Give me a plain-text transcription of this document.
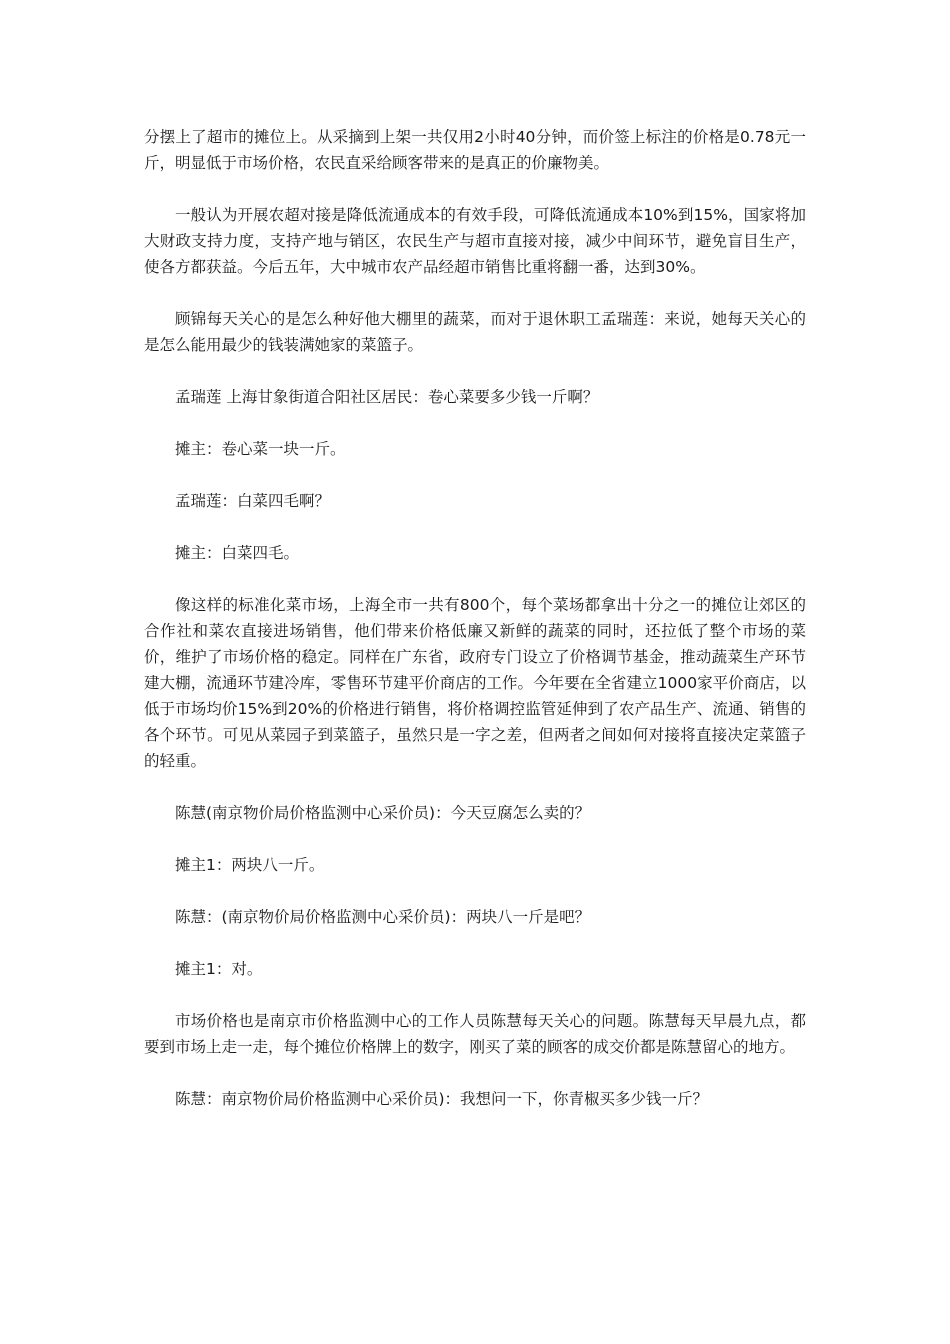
分摆上了超市的摊位上。从采摘到上架一共仅用2小时40分钟，而价签上标注的价格是0.78元一斤，明显低于市场价格，农民直采给顾客带来的是真正的价廉物美。

一般认为开展农超对接是降低流通成本的有效手段，可降低流通成本10%到15%，国家将加大财政支持力度，支持产地与销区，农民生产与超市直接对接，减少中间环节，避免盲目生产，使各方都获益。今后五年，大中城市农产品经超市销售比重将翻一番，达到30%。

顾锦每天关心的是怎么种好他大棚里的蔬菜，而对于退休职工孟瑞莲：来说，她每天关心的是怎么能用最少的钱装满她家的菜篮子。

孟瑞莲 上海甘象街道合阳社区居民：卷心菜要多少钱一斤啊？

摊主：卷心菜一块一斤。

孟瑞莲：白菜四毛啊？

摊主：白菜四毛。

像这样的标准化菜市场，上海全市一共有800个，每个菜场都拿出十分之一的摊位让郊区的合作社和菜农直接进场销售，他们带来价格低廉又新鲜的蔬菜的同时，还拉低了整个市场的菜价，维护了市场价格的稳定。同样在广东省，政府专门设立了价格调节基金，推动蔬菜生产环节建大棚，流通环节建冷库，零售环节建平价商店的工作。今年要在全省建立1000家平价商店，以低于市场均价15%到20%的价格进行销售，将价格调控监管延伸到了农产品生产、流通、销售的各个环节。可见从菜园子到菜篮子，虽然只是一字之差，但两者之间如何对接将直接决定菜篮子的轻重。

陈慧(南京物价局价格监测中心采价员)：今天豆腐怎么卖的？

摊主1：两块八一斤。

陈慧：(南京物价局价格监测中心采价员)：两块八一斤是吧？

摊主1：对。

市场价格也是南京市价格监测中心的工作人员陈慧每天关心的问题。陈慧每天早晨九点，都要到市场上走一走，每个摊位价格牌上的数字，刚买了菜的顾客的成交价都是陈慧留心的地方。

陈慧：南京物价局价格监测中心采价员)：我想问一下，你青椒买多少钱一斤？
